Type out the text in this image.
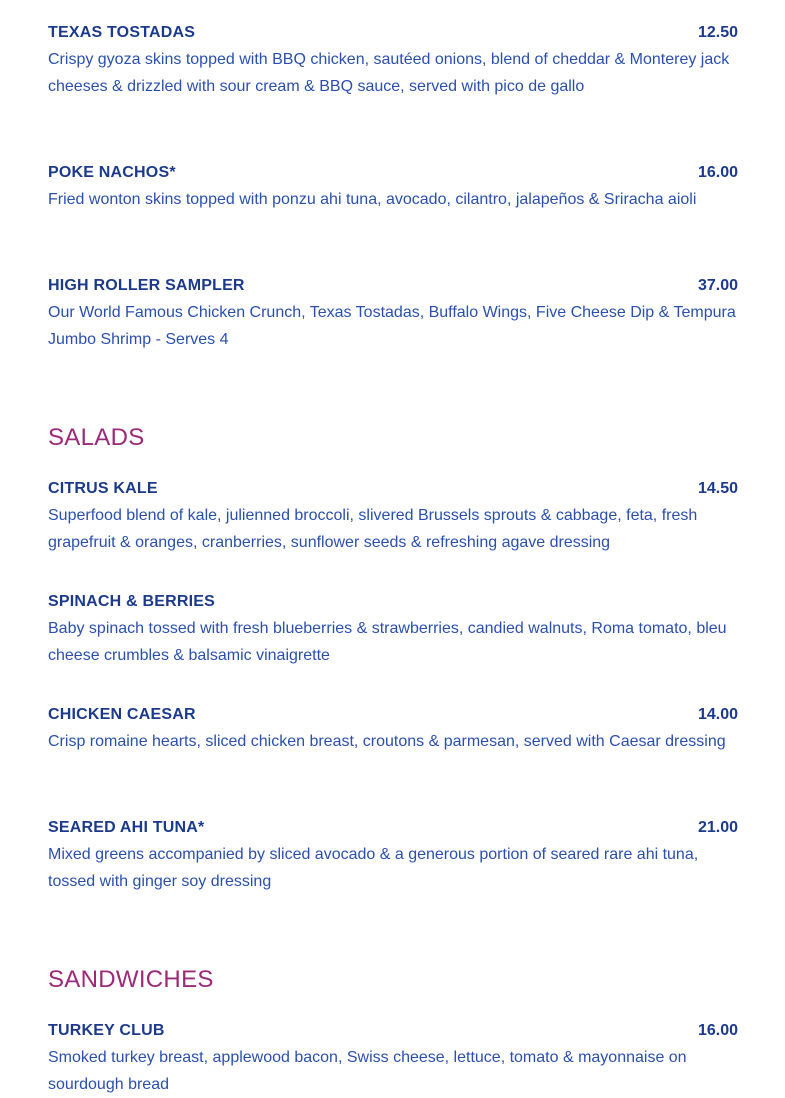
TEXAS TOSTADAS	12.50

Crispy gyoza skins topped with BBQ chicken, sautéed onions, blend of cheddar & Monterey jack cheeses & drizzled with sour cream & BBQ sauce, served with pico de gallo

POKE NACHOS*	16.00

Fried wonton skins topped with ponzu ahi tuna, avocado, cilantro, jalapeños & Sriracha aioli

HIGH ROLLER SAMPLER	37.00

Our World Famous Chicken Crunch, Texas Tostadas, Buffalo Wings, Five Cheese Dip & Tempura Jumbo Shrimp - Serves 4

SALADS
CITRUS KALE	14.50

Superfood blend of kale, julienned broccoli, slivered Brussels sprouts & cabbage, feta, fresh grapefruit & oranges, cranberries, sunflower seeds & refreshing agave dressing

SPINACH & BERRIES

Baby spinach tossed with fresh blueberries & strawberries, candied walnuts, Roma tomato, bleu cheese crumbles & balsamic vinaigrette

CHICKEN CAESAR	14.00

Crisp romaine hearts, sliced chicken breast, croutons & parmesan, served with Caesar dressing

SEARED AHI TUNA*	21.00

Mixed greens accompanied by sliced avocado & a generous portion of seared rare ahi tuna, tossed with ginger soy dressing

SANDWICHES
TURKEY CLUB	16.00

Smoked turkey breast, applewood bacon, Swiss cheese, lettuce, tomato & mayonnaise on sourdough bread
